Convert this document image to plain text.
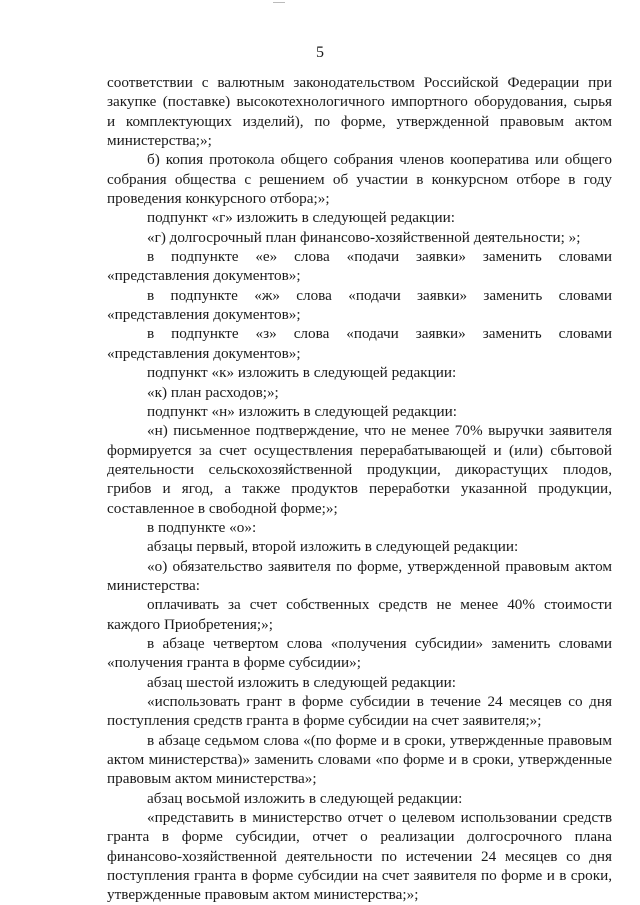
5
соответствии с валютным законодательством Российской Федерации при
закупке (поставке) высокотехнологичного импортного оборудования, сырья
и комплектующих изделий), по форме, утвержденной правовым актом
министерства;»;
б) копия протокола общего собрания членов кооператива или общего
собрания общества с решением об участии в конкурсном отборе в году
проведения конкурсного отбора;»;
подпункт «г» изложить в следующей редакции:
«г) долгосрочный план финансово-хозяйственной деятельности; »;
в подпункте «е» слова «подачи заявки» заменить словами
«представления документов»;
в подпункте «ж» слова «подачи заявки» заменить словами
«представления документов»;
в подпункте «з» слова «подачи заявки» заменить словами
«представления документов»;
подпункт «к» изложить в следующей редакции:
«к) план расходов;»;
подпункт «н» изложить в следующей редакции:
«н) письменное подтверждение, что не менее 70% выручки заявителя
формируется за счет осуществления перерабатывающей и (или) сбытовой
деятельности сельскохозяйственной продукции, дикорастущих плодов,
грибов и ягод, а также продуктов переработки указанной продукции,
составленное в свободной форме;»;
в подпункте «о»:
абзацы первый, второй изложить в следующей редакции:
«о) обязательство заявителя по форме, утвержденной правовым актом
министерства:
оплачивать за счет собственных средств не менее 40% стоимости
каждого Приобретения;»;
в абзаце четвертом слова «получения субсидии» заменить словами
«получения гранта в форме субсидии»;
абзац шестой изложить в следующей редакции:
«использовать грант в форме субсидии в течение 24 месяцев со дня
поступления средств гранта в форме субсидии на счет заявителя;»;
в абзаце седьмом слова «(по форме и в сроки, утвержденные правовым
актом министерства)» заменить словами «по форме и в сроки, утвержденные
правовым актом министерства»;
абзац восьмой изложить в следующей редакции:
«представить в министерство отчет о целевом использовании средств
гранта в форме субсидии, отчет о реализации долгосрочного плана
финансово-хозяйственной деятельности по истечении 24 месяцев со дня
поступления гранта в форме субсидии на счет заявителя по форме и в сроки,
утвержденные правовым актом министерства;»;
